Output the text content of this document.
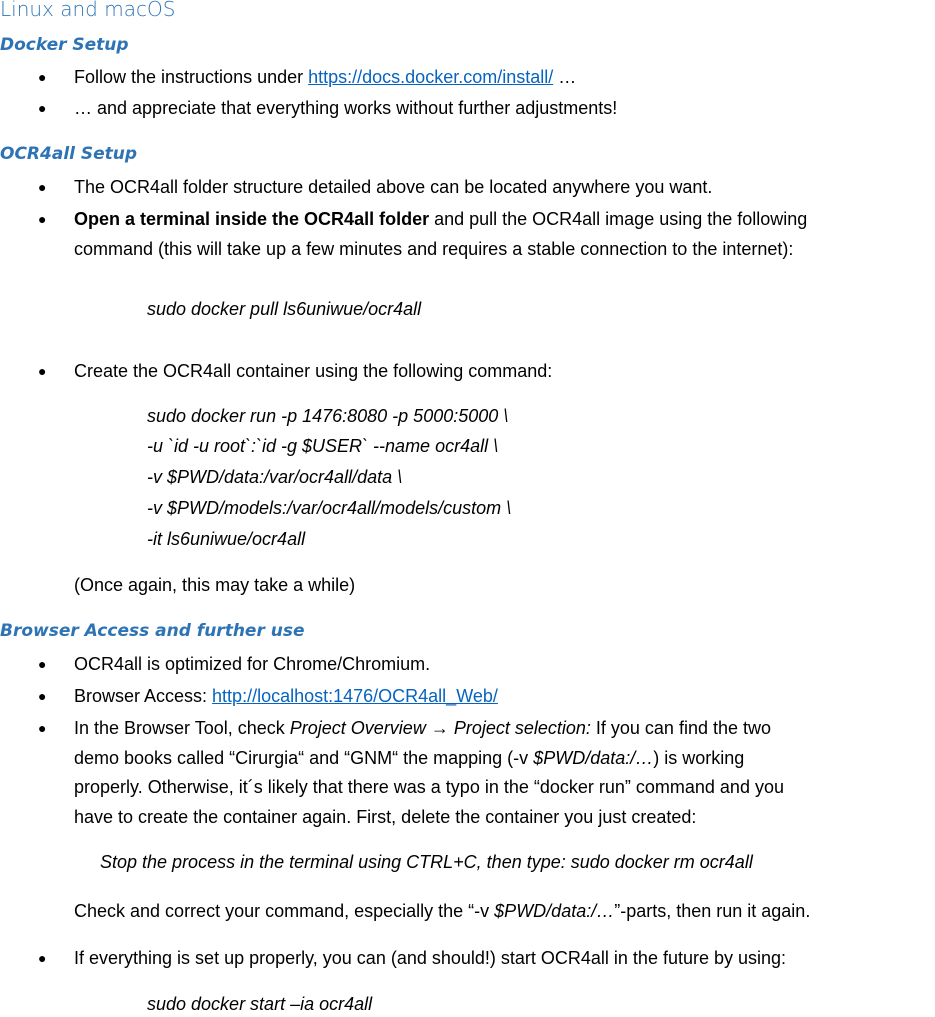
Linux and macOS
Docker Setup
● Follow the instructions under https://docs.docker.com/install/ …
● … and appreciate that everything works without further adjustments!
OCR4all Setup
● The OCR4all folder structure detailed above can be located anywhere you want.
● Open a terminal inside the OCR4all folder and pull the OCR4all image using the following
command (this will take up a few minutes and requires a stable connection to the internet):
sudo docker pull ls6uniwue/ocr4all
● Create the OCR4all container using the following command:
sudo docker run -p 1476:8080 -p 5000:5000 \
-u `id -u root`:`id -g $USER` --name ocr4all \
-v $PWD/data:/var/ocr4all/data \
-v $PWD/models:/var/ocr4all/models/custom \
-it ls6uniwue/ocr4all
(Once again, this may take a while)
Browser Access and further use
● OCR4all is optimized for Chrome/Chromium.
● Browser Access: http://localhost:1476/OCR4all_Web/
● In the Browser Tool, check Project Overview → Project selection: If you can find the two
demo books called “Cirurgia“ and “GNM“ the mapping (-v $PWD/data:/…) is working
properly. Otherwise, it´s likely that there was a typo in the “docker run” command and you
have to create the container again. First, delete the container you just created:
Stop the process in the terminal using CTRL+C, then type: sudo docker rm ocr4all
Check and correct your command, especially the “-v $PWD/data:/…”-parts, then run it again.
● If everything is set up properly, you can (and should!) start OCR4all in the future by using:
sudo docker start –ia ocr4all
